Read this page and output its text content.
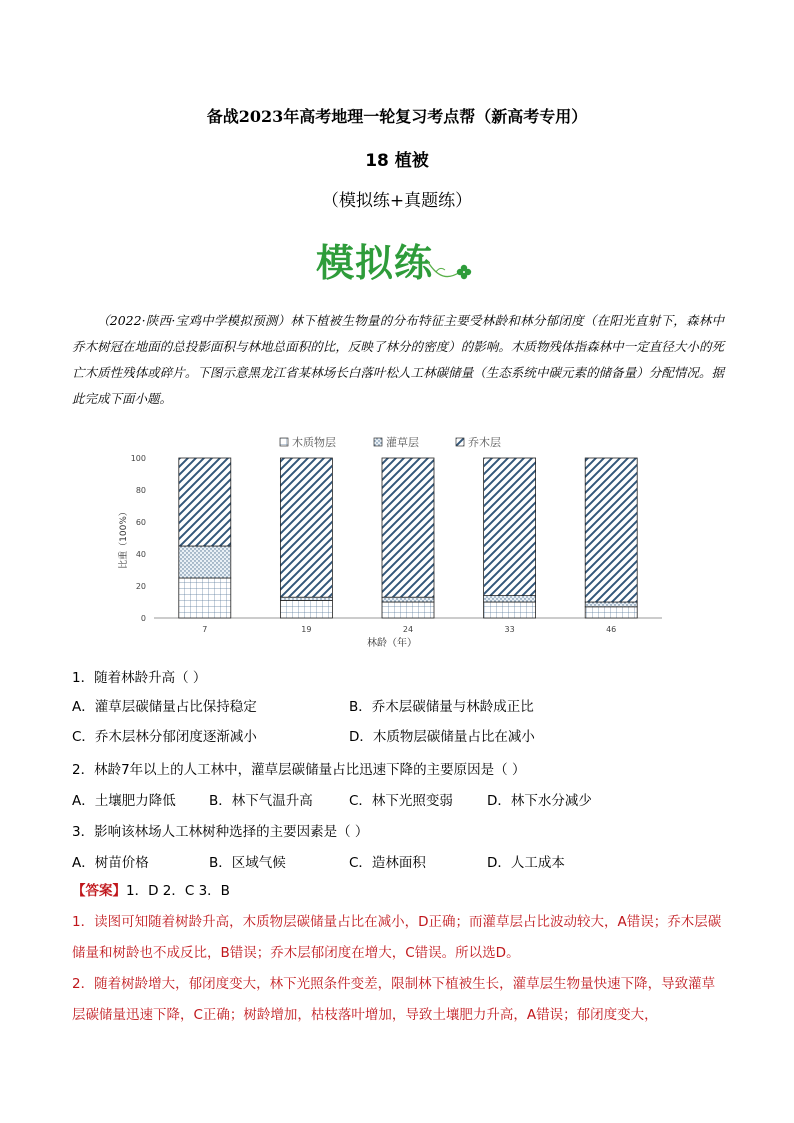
备战2023年高考地理一轮复习考点帮（新高考专用）
18 植被
（模拟练+真题练）
模拟练
（2022·陕西·宝鸡中学模拟预测）林下植被生物量的分布特征主要受林龄和林分郁闭度（在阳光直射下，森林中乔木树冠在地面的总投影面积与林地总面积的比，反映了林分的密度）的影响。木质物残体指森林中一定直径大小的死亡木质性残体或碎片。下图示意黑龙江省某林场长白落叶松人工林碳储量（生态系统中碳元素的储备量）分配情况。据此完成下面小题。
木质物层	灌草层	乔木层
0
20
40
60
80
100
7	19	24	33	46
比重（100%）
林龄（年）
1．随着林龄升高（ ）
A．灌草层碳储量占比保持稳定	B．乔木层碳储量与林龄成正比
C．乔木层林分郁闭度逐渐减小	D．木质物层碳储量占比在减小
2．林龄7年以上的人工林中，灌草层碳储量占比迅速下降的主要原因是（ ）
A．土壤肥力降低 B．林下气温升高	C．林下光照变弱	D．林下水分减少
3．影响该林场人工林树种选择的主要因素是（ ）
A．树苗价格	B．区域气候	C．造林面积	D．人工成本
【答案】1．D 2．C 3．B
1．读图可知随着树龄升高，木质物层碳储量占比在减小，D正确；而灌草层占比波动较大，A错误；乔木层碳储量和树龄也不成反比，B错误；乔木层郁闭度在增大，C错误。所以选D。
2．随着树龄增大，郁闭度变大，林下光照条件变差，限制林下植被生长，灌草层生物量快速下降，导致灌草层碳储量迅速下降，C正确；树龄增加，枯枝落叶增加，导致土壤肥力升高，A错误；郁闭度变大，
